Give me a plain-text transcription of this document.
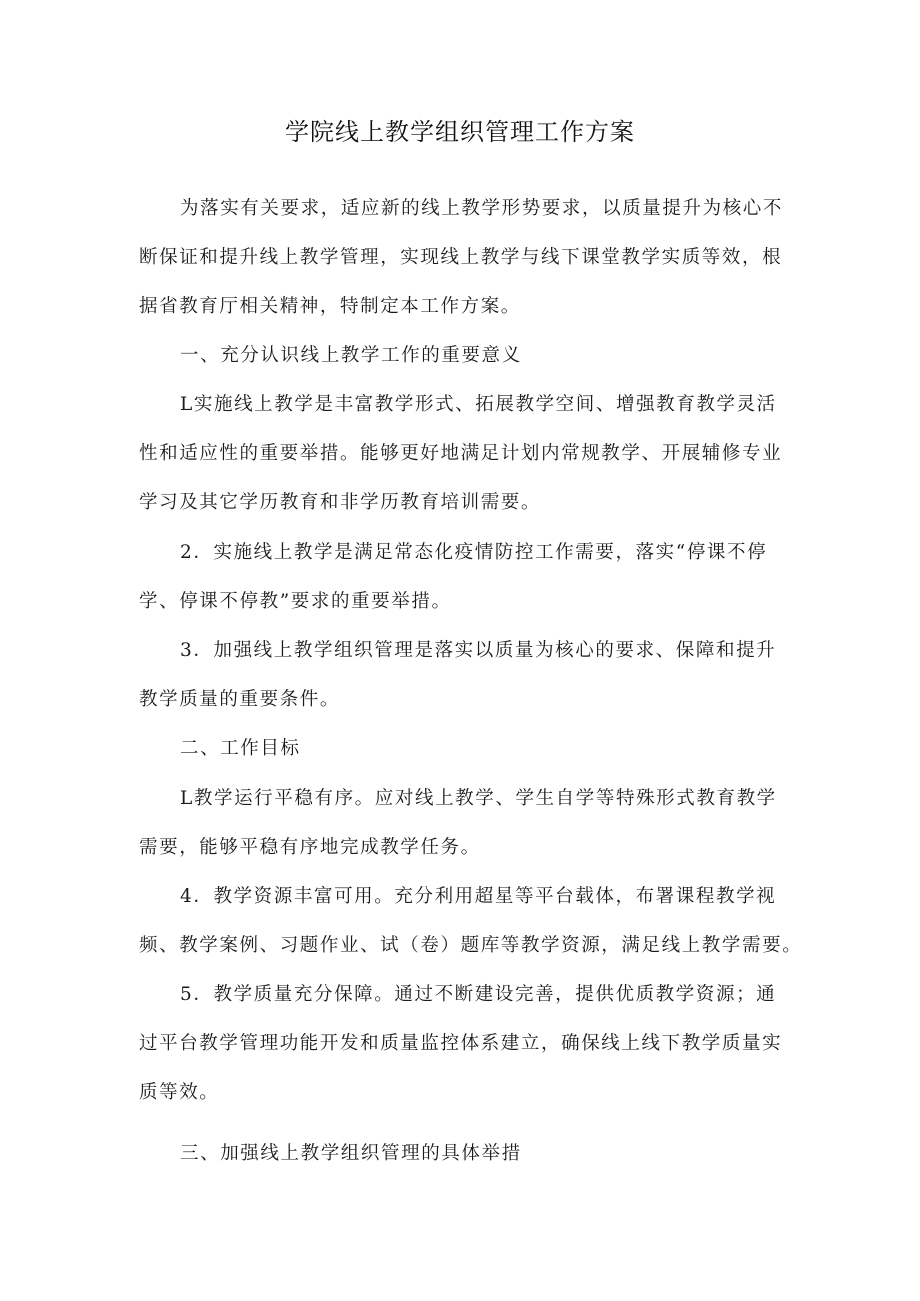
学院线上教学组织管理工作方案
为落实有关要求，适应新的线上教学形势要求，以质量提升为核心不
断保证和提升线上教学管理，实现线上教学与线下课堂教学实质等效，根
据省教育厅相关精神，特制定本工作方案。
一、充分认识线上教学工作的重要意义
L实施线上教学是丰富教学形式、拓展教学空间、增强教育教学灵活
性和适应性的重要举措。能够更好地满足计划内常规教学、开展辅修专业
学习及其它学历教育和非学历教育培训需要。
2．实施线上教学是满足常态化疫情防控工作需要，落实“停课不停
学、停课不停教”要求的重要举措。
3．加强线上教学组织管理是落实以质量为核心的要求、保障和提升
教学质量的重要条件。
二、工作目标
L教学运行平稳有序。应对线上教学、学生自学等特殊形式教育教学
需要，能够平稳有序地完成教学任务。
4．教学资源丰富可用。充分利用超星等平台载体，布署课程教学视
频、教学案例、习题作业、试（卷）题库等教学资源，满足线上教学需要。
5．教学质量充分保障。通过不断建设完善，提供优质教学资源；通
过平台教学管理功能开发和质量监控体系建立，确保线上线下教学质量实
质等效。
三、加强线上教学组织管理的具体举措
